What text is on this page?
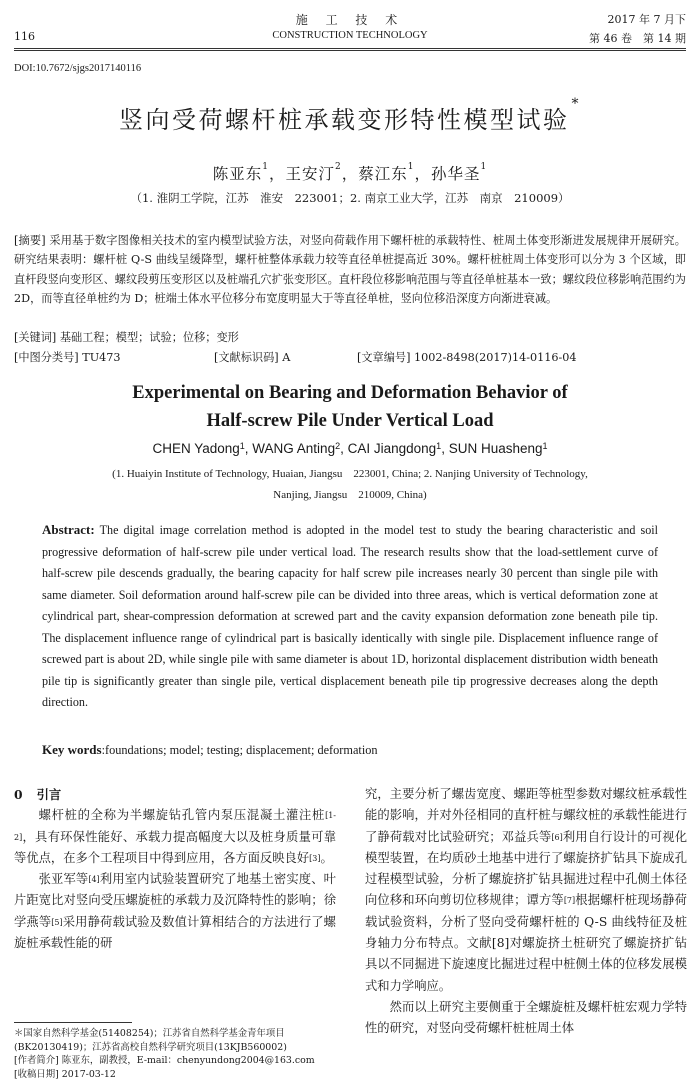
116
施 工 技 术
CONSTRUCTION TECHNOLOGY
2017 年 7 月下
第 46 卷　第 14 期
DOI:10.7672/sjgs2017140116
竖向受荷螺杆桩承载变形特性模型试验*
陈亚东$^1$，王安汀$^2$，蔡江东$^1$，孙华圣$^1$
（1. 淮阴工学院，江苏　淮安　223001；2. 南京工业大学，江苏　南京　210009）
[摘要] 采用基于数字图像相关技术的室内模型试验方法，对竖向荷载作用下螺杆桩的承载特性、桩周土体变形渐进发展规律开展研究。研究结果表明：螺杆桩 Q-S 曲线呈缓降型，螺杆桩整体承载力较等直径单桩提高近 30%。螺杆桩桩周土体变形可以分为 3 个区域，即直杆段竖向变形区、螺纹段剪压变形区以及桩端孔穴扩张变形区。直杆段位移影响范围与等直径单桩基本一致；螺纹段位移影响范围约为 2D，而等直径单桩约为 D；桩端土体水平位移分布宽度明显大于等直径单桩，竖向位移沿深度方向渐进衰减。
[关键词] 基础工程；模型；试验；位移；变形
[中图分类号] TU473	[文献标识码] A	[文章编号] 1002-8498(2017)14-0116-04
Experimental on Bearing and Deformation Behavior of
Half-screw Pile Under Vertical Load
CHEN Yadong$^1$, WANG Anting$^2$, CAI Jiangdong$^1$, SUN Huasheng$^1$
(1. Huaiyin Institute of Technology, Huaian, Jiangsu　223001, China; 2. Nanjing University of Technology,
Nanjing, Jiangsu　210009, China)
Abstract: The digital image correlation method is adopted in the model test to study the bearing characteristic and soil progressive deformation of half-screw pile under vertical load. The research results show that the load-settlement curve of half-screw pile descends gradually, the bearing capacity for half screw pile increases nearly 30 percent than single pile with same diameter. Soil deformation around half-screw pile can be divided into three areas, which is vertical deformation zone at cylindrical part, shear-compression deformation at screwed part and the cavity expansion deformation zone beneath pile tip. The displacement influence range of cylindrical part is basically identically with single pile. Displacement influence range of screwed part is about 2D, while single pile with same diameter is about 1D, horizontal displacement distribution width beneath pile tip is significantly greater than single pile, vertical displacement beneath pile tip progressive decreases along the depth direction.
Key words:foundations; model; testing; displacement; deformation

0 引言

螺杆桩的全称为半螺旋钻孔管内泵压混凝土灌注桩[1-2]，具有环保性能好、承载力提高幅度大以及桩身质量可靠等优点，在多个工程项目中得到应用，各方面反映良好[3]。

张亚军等[4]利用室内试验装置研究了地基土密实度、叶片距宽比对竖向受压螺旋桩的承载力及沉降特性的影响；徐学燕等[5]采用静荷载试验及数值计算相结合的方法进行了螺旋桩承载性能的研

究，主要分析了螺齿宽度、螺距等桩型参数对螺纹桩承载性能的影响，并对外径相同的直杆桩与螺纹桩的承载性能进行了静荷载对比试验研究；邓益兵等[6]利用自行设计的可视化模型装置，在均质砂土地基中进行了螺旋挤扩钻具下旋成孔过程模型试验，分析了螺旋挤扩钻具掘进过程中孔侧土体径向位移和环向剪切位移规律；谭方等[7]根据螺杆桩现场静荷载试验资料，分析了竖向受荷螺杆桩的 Q-S 曲线特征及桩身轴力分布特点。文献[8]对螺旋挤土桩研究了螺旋挤扩钻具以不同掘进下旋速度比掘进过程中桩侧土体的位移发展模式和力学响应。

然而以上研究主要侧重于全螺旋桩及螺杆桩宏观力学特性的研究，对竖向受荷螺杆桩桩周土体

＊国家自然科学基金(51408254)；江苏省自然科学基金青年项目(BK20130419)；江苏省高校自然科学研究项目(13KJB560002)

[作者简介] 陈亚东，副教授，E-mail：chenyundong2004@163.com

[收稿日期] 2017-03-12
